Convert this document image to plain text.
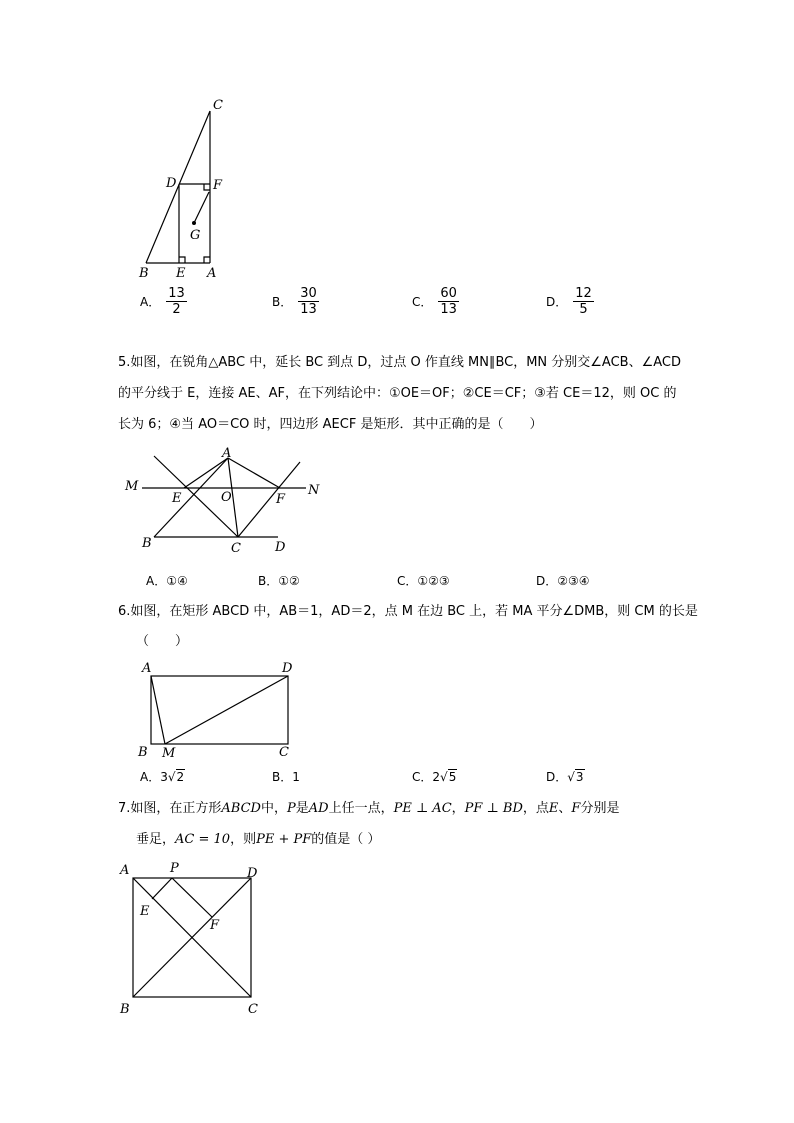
C
D	F
G
B E A
A． $\frac{13}{2}$	B． $\frac{30}{13}$	C． $\frac{60}{13}$	D． $\frac{12}{5}$
5.如图，在锐角△ABC 中，延长 BC 到点 D，过点 O 作直线 MN∥BC，MN 分别交∠ACB、∠ACD
的平分线于 E，连接 AE、AF，在下列结论中：①OE＝OF；②CE＝CF；③若 CE＝12，则 OC 的
长为 6；④当 AO＝CO 时，四边形 AECF 是矩形．其中正确的是（　　）
A
M
E	O	F
N
B	C	D
A． ①④	B． ①②	C． ①②③	D． ②③④
6.如图，在矩形 ABCD 中，AB＝1，AD＝2，点 M 在边 BC 上，若 MA 平分∠DMB，则 CM 的长是
（　　）
A	D
B M	C
A． 3 √ 2	B． 1	C． 2 √ 5	D． √ 3
7.如图，在正方形ABCD中，P是AD上任一点，PE ⊥ AC，PF ⊥ BD，点E、F分别是
垂足，AC = 10，则PE + PF的值是（ ）
A	P	D
E
F
B	C
